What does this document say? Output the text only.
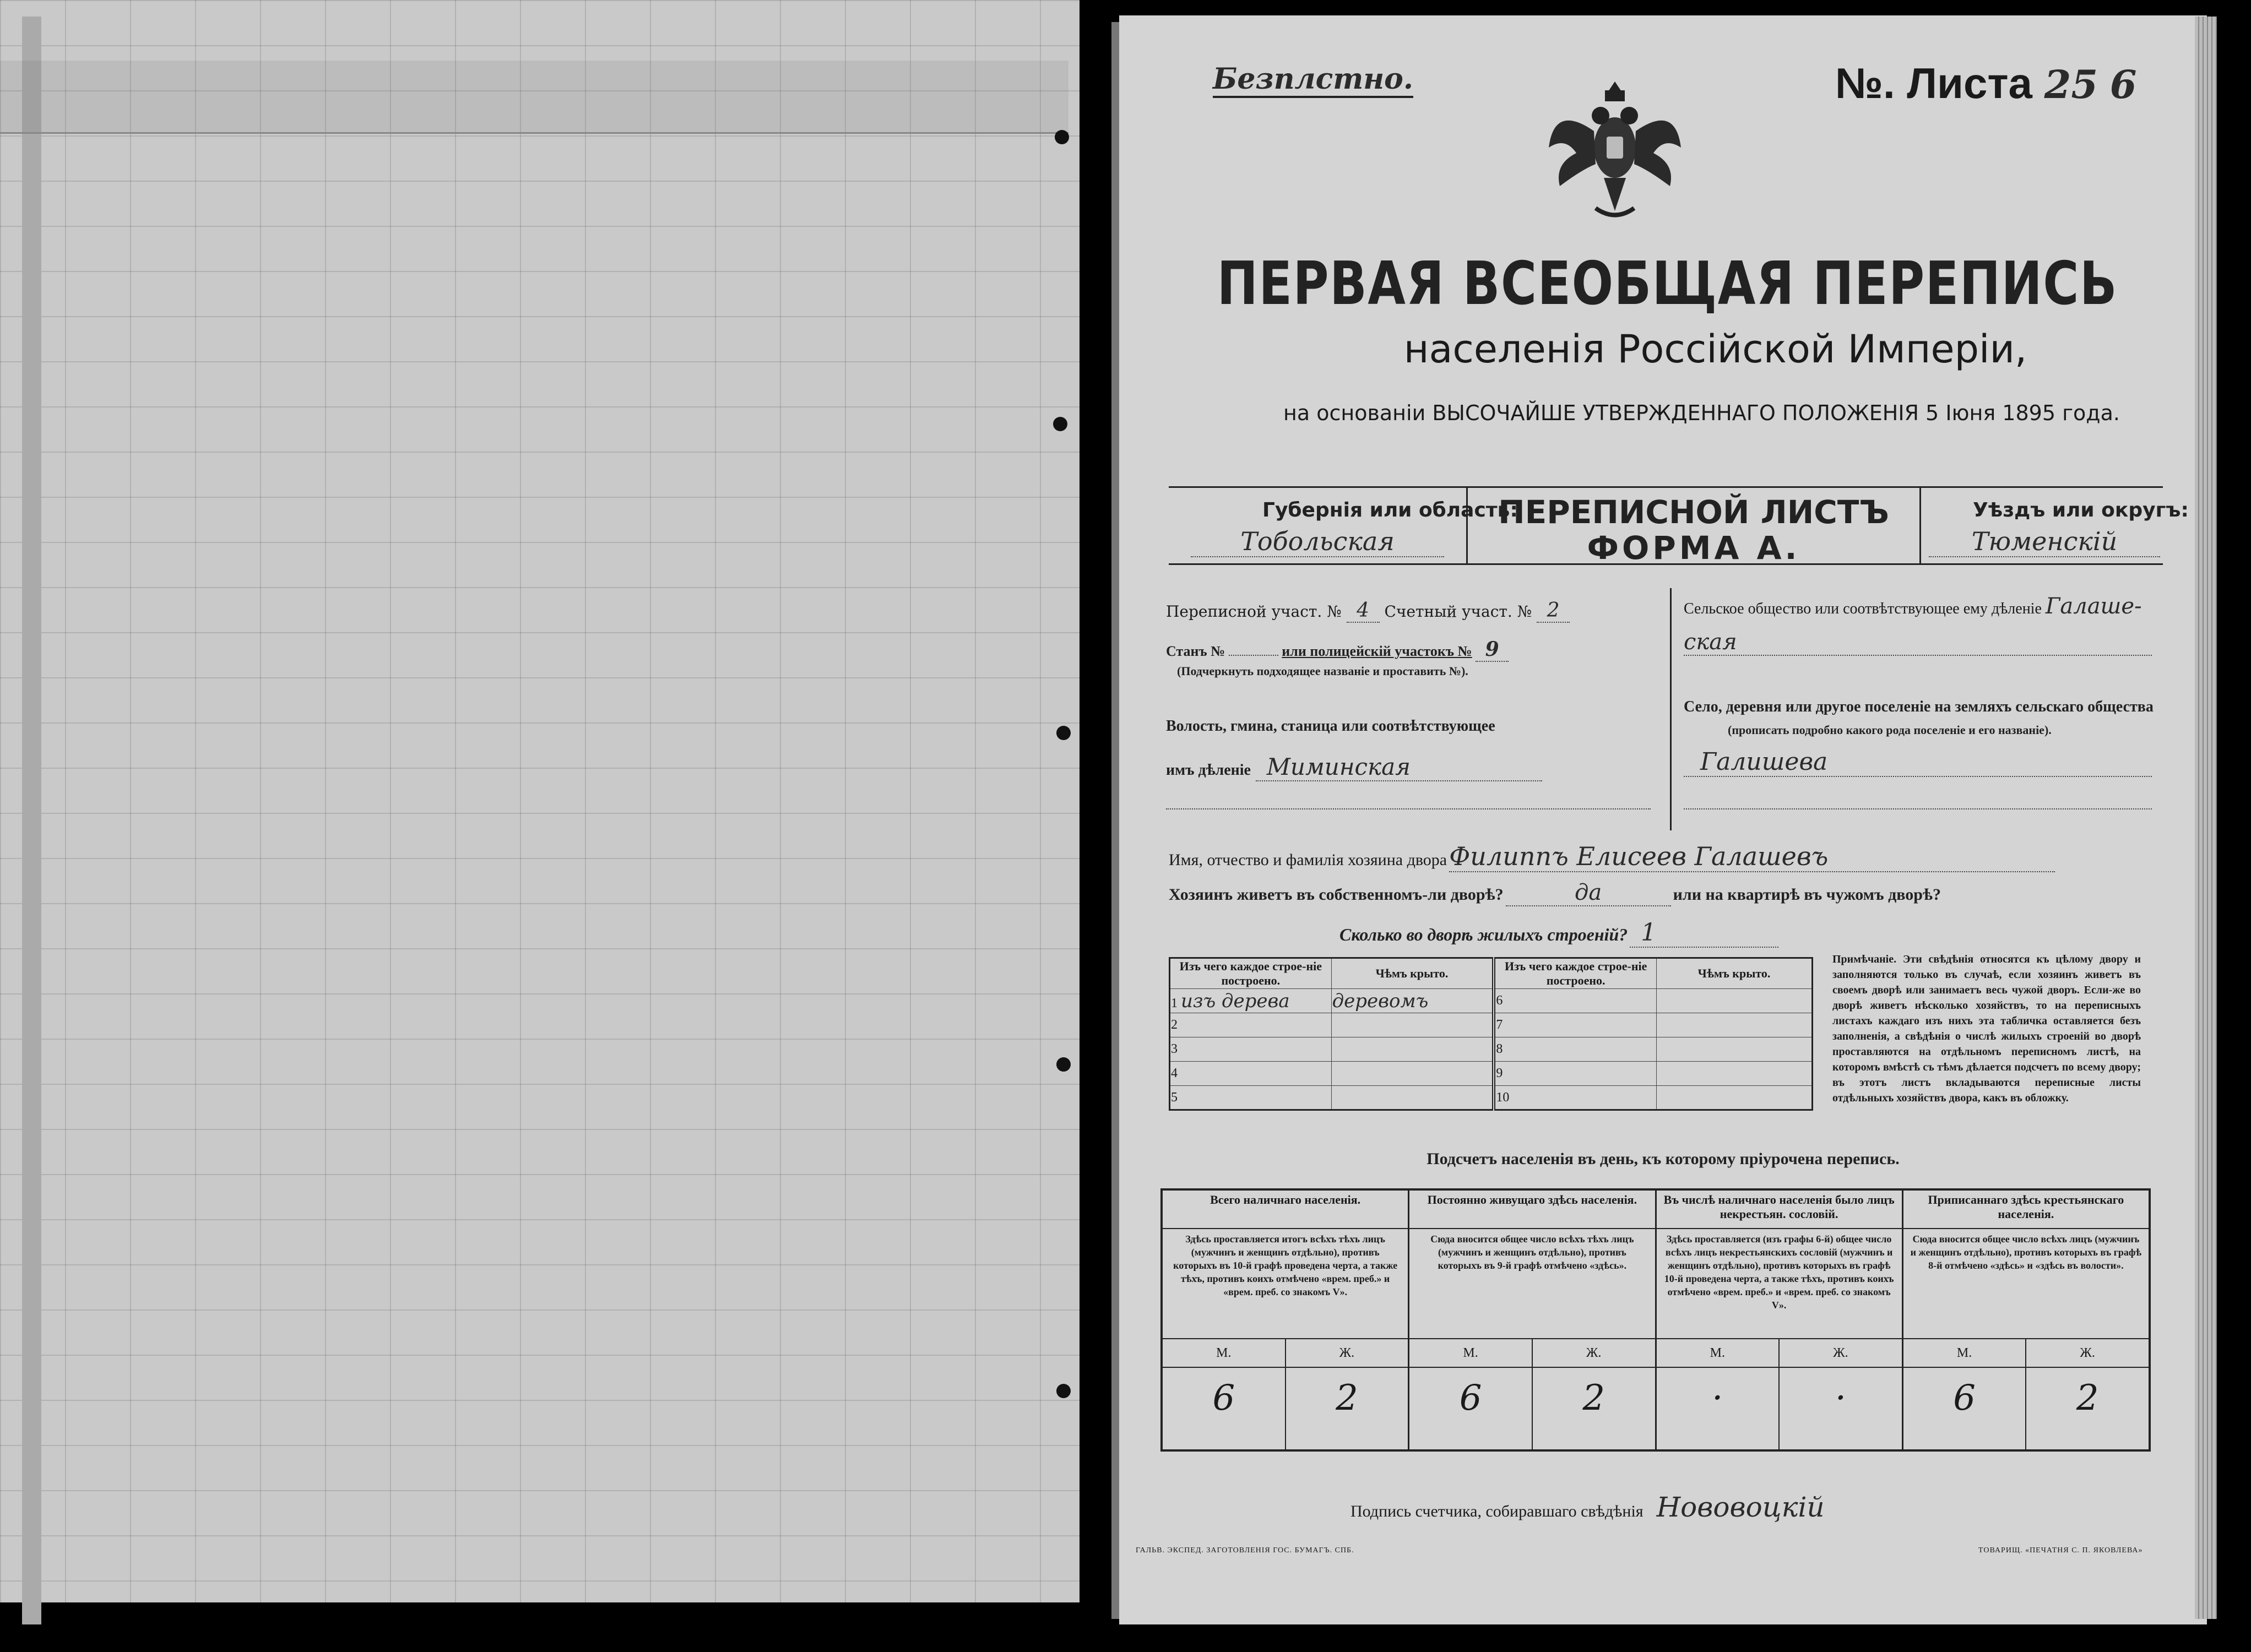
Безплстно.	№. Листа 25 6
ПЕРВАЯ ВСЕОБЩАЯ ПЕРЕПИСЬ
населенія Россійской Имперіи,
на основаніи ВЫСОЧАЙШЕ УТВЕРЖДЕННАГО ПОЛОЖЕНІЯ 5 Іюня 1895 года.
Губернія или область:
Тобольская
ПЕРЕПИСНОЙ ЛИСТЪ
ФОРМА А.
Уѣздъ или округъ:
Тюменскій
Переписной участ. № 4 Счетный участ. № 2
Станъ №	или полицейскій участокъ № 9
(Подчеркнуть подходящее названіе и проставить №).
Волость, гмина, станица или соотвѣтствующее
имъ дѣленіе Миминская
Сельское общество или соотвѣтствующее ему дѣленіе Галаше-
ская
Село, деревня или другое поселеніе на земляхъ сельскаго общества
(прописать подробно какого рода поселеніе и его названіе).
Галишева
Имя, отчество и фамилія хозяина двора Филиппъ Елисеев Галашевъ
Хозяинъ живетъ въ собственномъ-ли дворѣ?	да	или на квартирѣ въ чужомъ дворѣ?
Сколько во дворѣ жилыхъ строеній? 1
Изъ чего каждое строе-ніе построено.	Чѣмъ крыто.	Изъ чего каждое строе-ніе построено.	Чѣмъ крыто.
1 изъ дерева	деревомъ	6	
2		7	
3		8	
4		9	
5		10	
Примѣчаніе. Эти свѣдѣнія относятся къ цѣлому двору и заполняются только въ случаѣ, если хозяинъ живетъ въ своемъ дворѣ или занимаетъ весь чужой дворъ. Если-же во дворѣ живетъ нѣсколько хозяйствъ, то на переписныхъ листахъ каждаго изъ нихъ эта табличка оставляется безъ заполненія, а свѣдѣнія о числѣ жилыхъ строеній во дворѣ проставляются на отдѣльномъ переписномъ листѣ, на которомъ вмѣстѣ съ тѣмъ дѣлается подсчетъ по всему двору; въ этотъ листъ вкладываются переписные листы отдѣльныхъ хозяйствъ двора, какъ въ обложку.
Подсчетъ населенія въ день, къ которому пріурочена перепись.
Всего наличнаго населенія.
Здѣсь проставляется итогъ всѣхъ тѣхъ лицъ (мужчинъ и женщинъ отдѣльно), противъ которыхъ въ 10-й графѣ проведена черта, а также тѣхъ, противъ коихъ отмѣчено «врем. преб.» и «врем. преб. со знакомъ V».
М.	Ж.
6	2
Постоянно живущаго здѣсь населенія.
Сюда вносится общее число всѣхъ тѣхъ лицъ (мужчинъ и женщинъ отдѣльно), противъ которыхъ въ 9-й графѣ отмѣчено «здѣсь».
М.	Ж.
6	2
Въ числѣ наличнаго населенія было лицъ некрестьян. сословій.
Здѣсь проставляется (изъ графы 6-й) общее число всѣхъ лицъ некрестьянскихъ сословій (мужчинъ и женщинъ отдѣльно), противъ которыхъ въ графѣ 10-й проведена черта, а также тѣхъ, противъ коихъ отмѣчено «врем. преб.» и «врем. преб. со знакомъ V».
М.	Ж.
·	·
Приписаннаго здѣсь крестьянскаго населенія.
Сюда вносится общее число всѣхъ лицъ (мужчинъ и женщинъ отдѣльно), противъ которыхъ въ графѣ 8-й отмѣчено «здѣсь» и «здѣсь въ волости».
М.	Ж.
6	2
Подпись счетчика, собиравшаго свѣдѣнія Нововоцкій
ГАЛЬВ. ЭКСПЕД. ЗАГОТОВЛЕНІЯ ГОС. БУМАГЪ. СПБ.	ТОВАРИЩ. «ПЕЧАТНЯ С. П. ЯКОВЛЕВА»
